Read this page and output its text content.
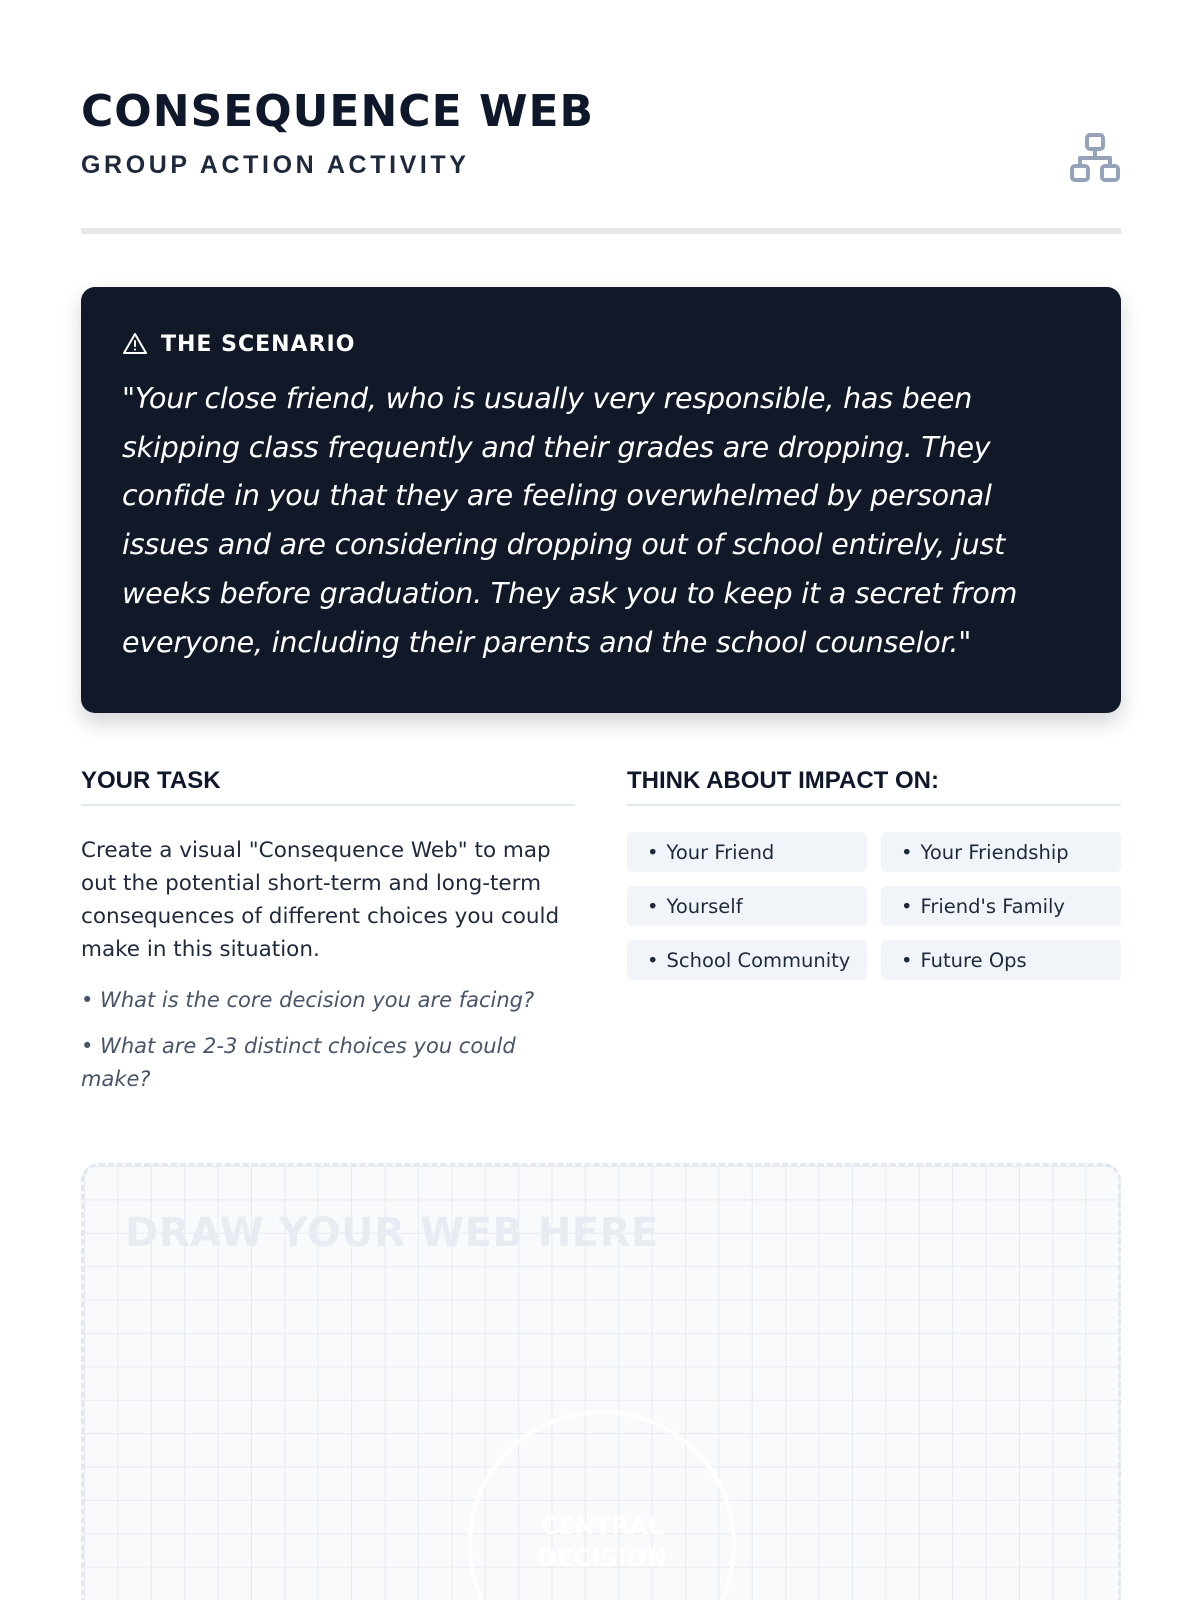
CONSEQUENCE WEB
GROUP ACTION ACTIVITY
THE SCENARIO
"Your close friend, who is usually very responsible, has been skipping class frequently and their grades are dropping. They confide in you that they are feeling overwhelmed by personal issues and are considering dropping out of school entirely, just weeks before graduation. They ask you to keep it a secret from everyone, including their parents and the school counselor."
YOUR TASK
Create a visual "Consequence Web" to map out the potential short-term and long-term consequences of different choices you could make in this situation.
• What is the core decision you are facing?
• What are 2-3 distinct choices you could make?
THINK ABOUT IMPACT ON:
• Your Friend	• Your Friendship
• Yourself	• Friend's Family
• School Community	• Future Ops
DRAW YOUR WEB HERE
CENTRAL DECISION
